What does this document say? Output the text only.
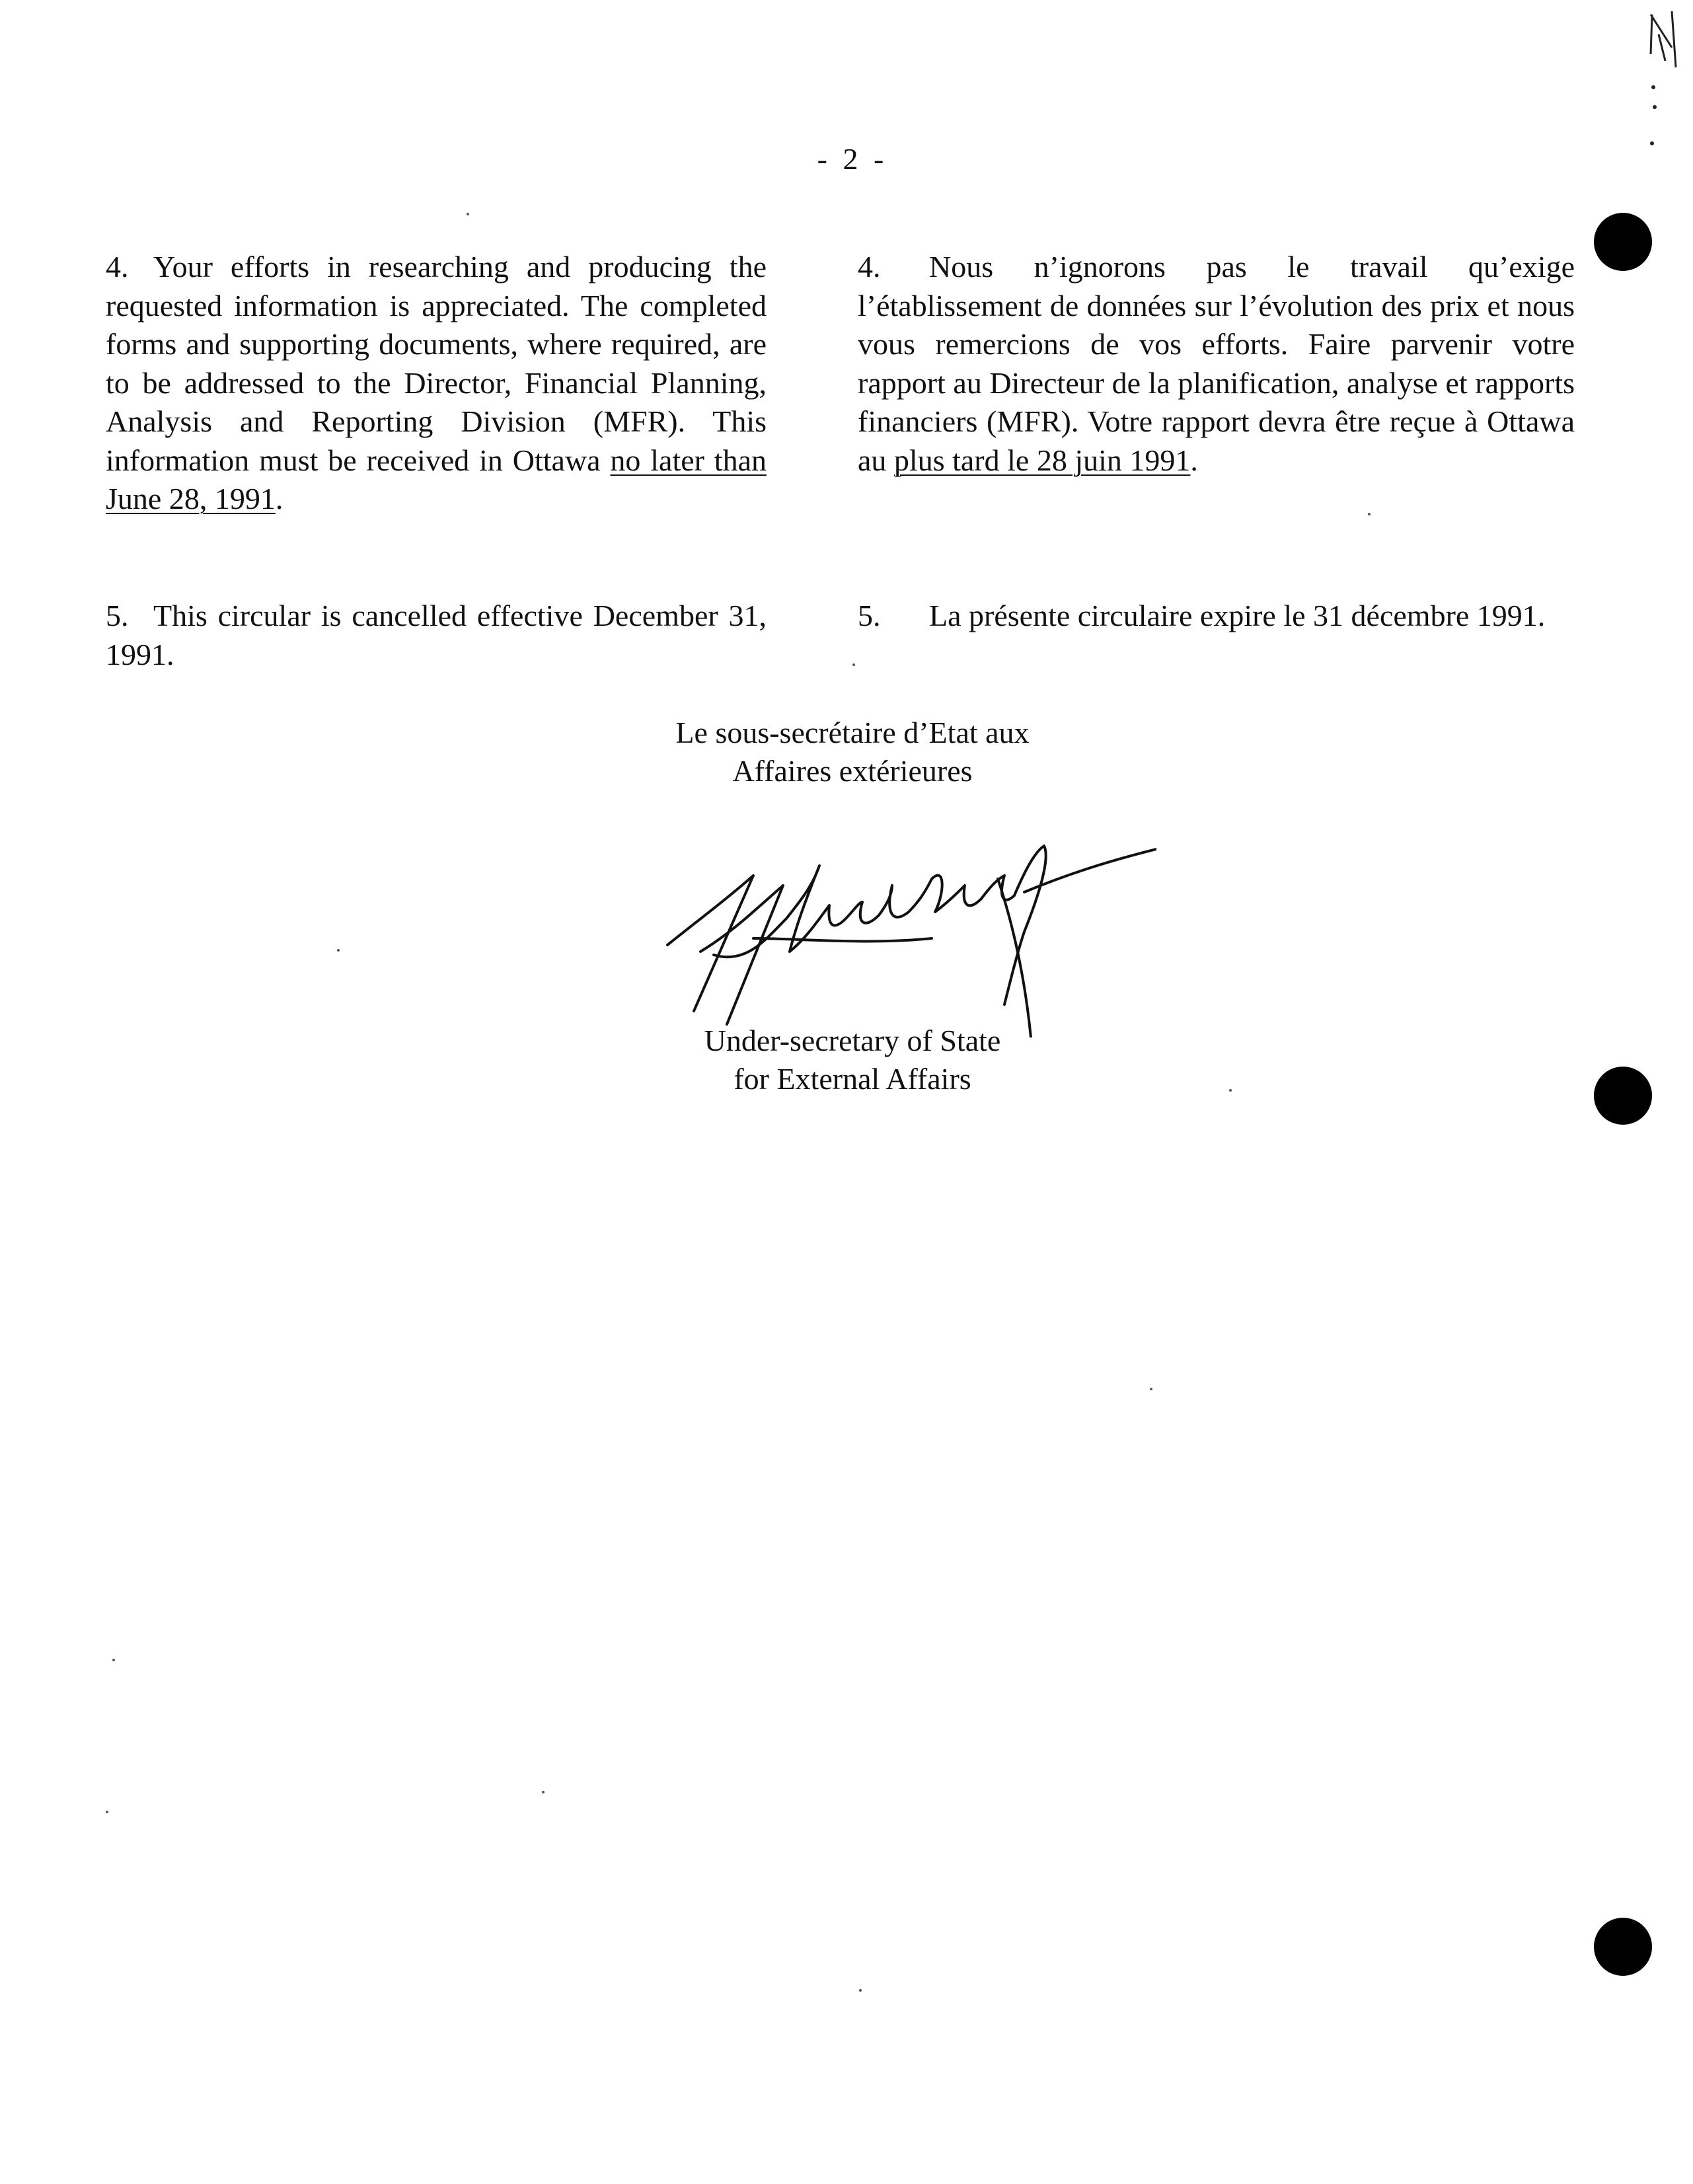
- 2 -

4. Your efforts in researching and producing the requested information is appreciated. The completed forms and supporting documents, where required, are to be addressed to the Director, Financial Planning, Analysis and Reporting Division (MFR). This information must be received in Ottawa no later than June 28, 1991.

4. Nous n’ignorons pas le travail qu’exige l’établissement de données sur l’évolution des prix et nous vous remercions de vos efforts. Faire parvenir votre rapport au Directeur de la planification, analyse et rapports financiers (MFR). Votre rapport devra être reçue à Ottawa au plus tard le 28 juin 1991.

5. This circular is cancelled effective December 31, 1991.

5. La présente circulaire expire le 31 décembre 1991.

Le sous-secrétaire d’Etat aux
Affaires extérieures
Under-secretary of State
for External Affairs
